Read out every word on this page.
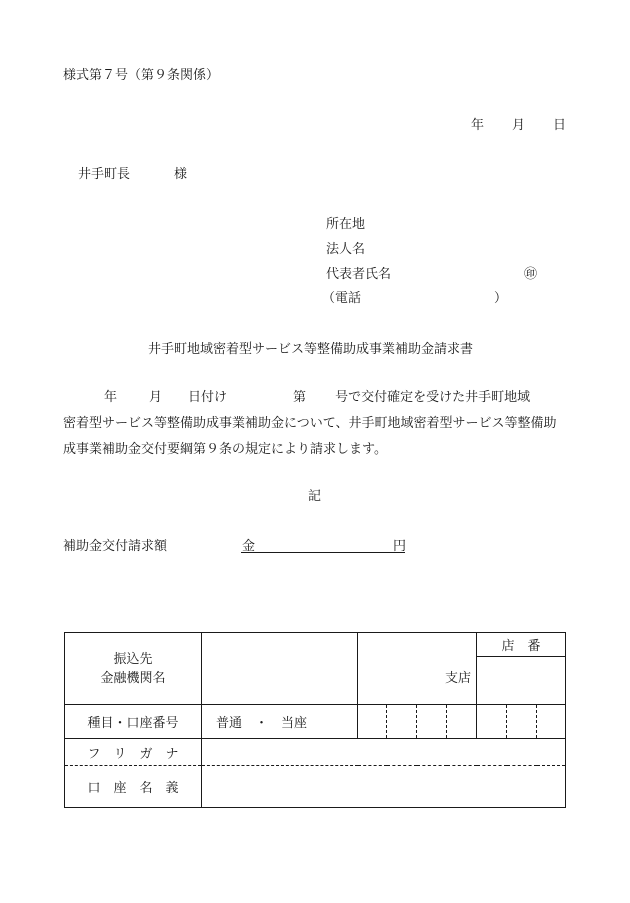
様式第７号（第９条関係）
年 月 日
井手町長	様
所在地
法人名
代表者氏名	㊞
（電話	）
井手町地域密着型サービス等整備助成事業補助金請求書
年 月 日付け	第 号で交付確定を受けた井手町地域
密着型サービス等整備助成事業補助金について、井手町地域密着型サービス等整備助
成事業補助金交付要綱第９条の規定により請求します。
記
補助金交付請求額	金	円
振込先
金融機関名		支店				店　番		

種目・口座番号	普通　・　当座							
フ　リ　ガ　ナ								
口　座　名　義								
